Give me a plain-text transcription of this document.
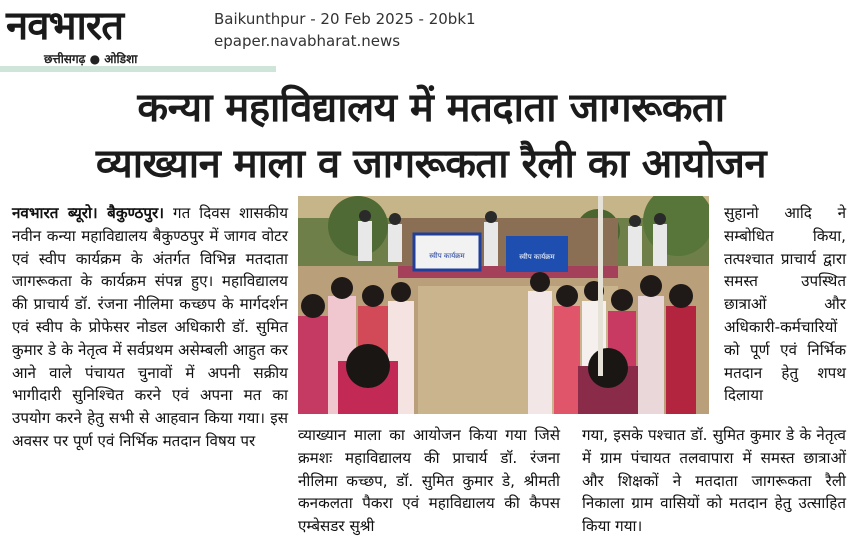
नवभारत
छत्तीसगढ़ ● ओडिशा
Baikunthpur - 20 Feb 2025 - 20bk1
epaper.navabharat.news
कन्या महाविद्यालय में मतदाता जागरूकता
व्याख्यान माला व जागरूकता रैली का आयोजन
नवभारत ब्यूरो। बैकुण्ठपुर। गत दिवस शासकीय नवीन कन्या महाविद्यालय बैकुण्ठपुर में जागव वोटर एवं स्वीप कार्यक्रम के अंतर्गत विभिन्न मतदाता जागरूकता के कार्यक्रम संपन्न हुए। महाविद्यालय की प्राचार्य डॉ. रंजना नीलिमा कच्छप के मार्गदर्शन एवं स्वीप के प्रोफेसर नोडल अधिकारी डॉ. सुमित कुमार डे के नेतृत्व में सर्वप्रथम असेम्बली आहुत कर आने वाले पंचायत चुनावों में अपनी सक्रीय भागीदारी सुनिश्चित करने एवं अपना मत का उपयोग करने हेतु सभी से आहवान किया गया। इस अवसर पर पूर्ण एवं निर्भिक मतदान विषय पर
स्वीप कार्यक्रम	स्वीप कार्यक्रम
व्याख्यान माला का आयोजन किया गया जिसे क्रमशः महाविद्यालय की प्राचार्य डॉ. रंजना नीलिमा कच्छप, डॉ. सुमित कुमार डे, श्रीमती कनकलता पैकरा एवं महाविद्यालय की कैपस एम्बेसडर सुश्री
सुहानो आदि ने सम्बोधित किया, तत्पश्चात प्राचार्य द्वारा समस्त उपस्थित छात्राओं और अधिकारी-कर्मचारियों को पूर्ण एवं निर्भिक मतदान हेतु शपथ दिलाया
गया, इसके पश्चात डॉ. सुमित कुमार डे के नेतृत्व में ग्राम पंचायत तलवापारा में समस्त छात्राओं और शिक्षकों ने मतदाता जागरूकता रैली निकाला ग्राम वासियों को मतदान हेतु उत्साहित किया गया।
